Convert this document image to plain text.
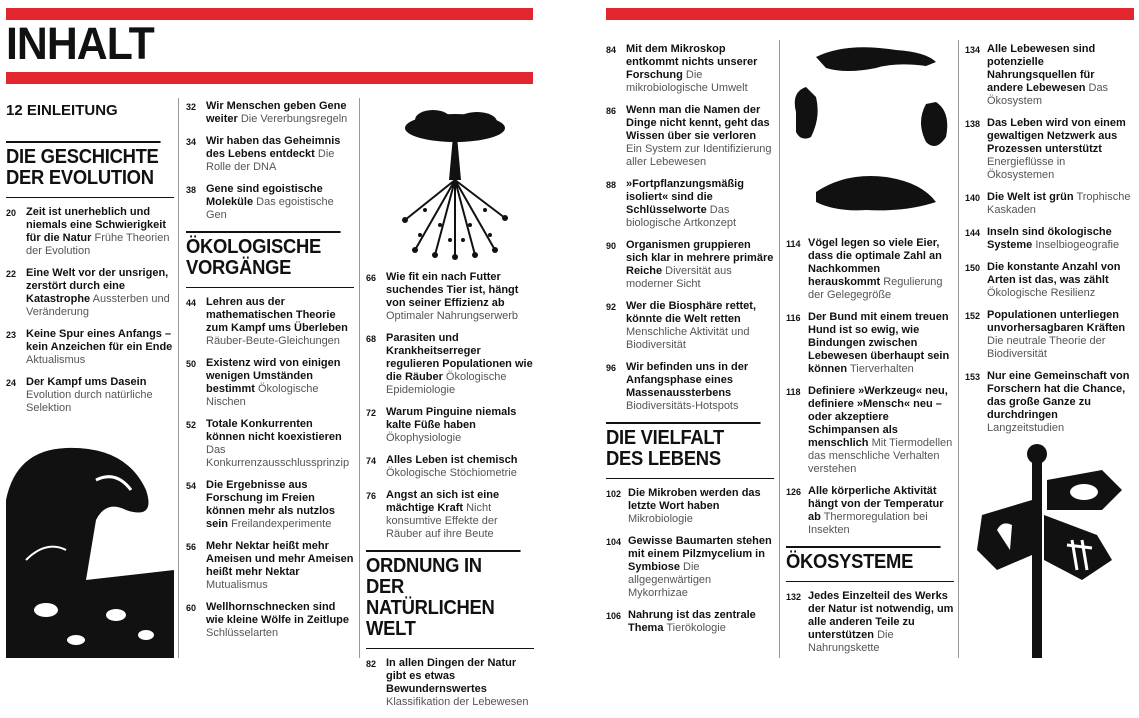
INHALT
12 EINLEITUNG
DIE GESCHICHTE DER EVOLUTION
20 Zeit ist unerheblich und niemals eine Schwierigkeit für die Natur Frühe Theorien der Evolution
22 Eine Welt vor der unsrigen, zerstört durch eine Katastrophe Aussterben und Veränderung
23 Keine Spur eines Anfangs – kein Anzeichen für ein Ende Aktualismus
24 Der Kampf ums Dasein Evolution durch natürliche Selektion
32 Wir Menschen geben Gene weiter Die Vererbungsregeln
34 Wir haben das Geheimnis des Lebens entdeckt Die Rolle der DNA
38 Gene sind egoistische Moleküle Das egoistische Gen
ÖKOLOGISCHE VORGÄNGE
44 Lehren aus der mathematischen Theorie zum Kampf ums Überleben Räuber-Beute-Gleichungen
50 Existenz wird von einigen wenigen Umständen bestimmt Ökologische Nischen
52 Totale Konkurrenten können nicht koexistieren Das Konkurrenzausschlussprinzip
54 Die Ergebnisse aus Forschung im Freien können mehr als nutzlos sein Freilandexperimente
56 Mehr Nektar heißt mehr Ameisen und mehr Ameisen heißt mehr Nektar Mutualismus
60 Wellhornschnecken sind wie kleine Wölfe in Zeitlupe Schlüsselarten
66 Wie fit ein nach Futter suchendes Tier ist, hängt von seiner Effizienz ab Optimaler Nahrungserwerb
68 Parasiten und Krankheitserreger regulieren Populationen wie die Räuber Ökologische Epidemiologie
72 Warum Pinguine niemals kalte Füße haben Ökophysiologie
74 Alles Leben ist chemisch Ökologische Stöchiometrie
76 Angst an sich ist eine mächtige Kraft Nicht konsumtive Effekte der Räuber auf ihre Beute
ORDNUNG IN DER NATÜRLICHEN WELT
82 In allen Dingen der Natur gibt es etwas Bewundernswertes Klassifikation der Lebewesen
84 Mit dem Mikroskop entkommt nichts unserer Forschung Die mikrobiologische Umwelt
86 Wenn man die Namen der Dinge nicht kennt, geht das Wissen über sie verloren Ein System zur Identifizierung aller Lebewesen
88 »Fortpflanzungsmäßig isoliert« sind die Schlüsselworte Das biologische Artkonzept
90 Organismen gruppieren sich klar in mehrere primäre Reiche Diversität aus moderner Sicht
92 Wer die Biosphäre rettet, könnte die Welt retten Menschliche Aktivität und Biodiversität
96 Wir befinden uns in der Anfangsphase eines Massenaussterbens Biodiversitäts-Hotspots
DIE VIELFALT DES LEBENS
102 Die Mikroben werden das letzte Wort haben Mikrobiologie
104 Gewisse Baumarten stehen mit einem Pilzmycelium in Symbiose Die allgegenwärtigen Mykorrhizae
106 Nahrung ist das zentrale Thema Tierökologie
114 Vögel legen so viele Eier, dass die optimale Zahl an Nachkommen herauskommt Regulierung der Gelegegröße
116 Der Bund mit einem treuen Hund ist so ewig, wie Bindungen zwischen Lebewesen überhaupt sein können Tierverhalten
118 Definiere »Werkzeug« neu, definiere »Mensch« neu – oder akzeptiere Schimpansen als menschlich Mit Tiermodellen das menschliche Verhalten verstehen
126 Alle körperliche Aktivität hängt von der Temperatur ab Thermoregulation bei Insekten
ÖKOSYSTEME
132 Jedes Einzelteil des Werks der Natur ist notwendig, um alle anderen Teile zu unterstützen Die Nahrungskette
134 Alle Lebewesen sind potenzielle Nahrungsquellen für andere Lebewesen Das Ökosystem
138 Das Leben wird von einem gewaltigen Netzwerk aus Prozessen unterstützt Energieflüsse in Ökosystemen
140 Die Welt ist grün Trophische Kaskaden
144 Inseln sind ökologische Systeme Inselbiogeografie
150 Die konstante Anzahl von Arten ist das, was zählt Ökologische Resilienz
152 Populationen unterliegen unvorhersagbaren Kräften Die neutrale Theorie der Biodiversität
153 Nur eine Gemeinschaft von Forschern hat die Chance, das große Ganze zu durchdringen Langzeitstudien
